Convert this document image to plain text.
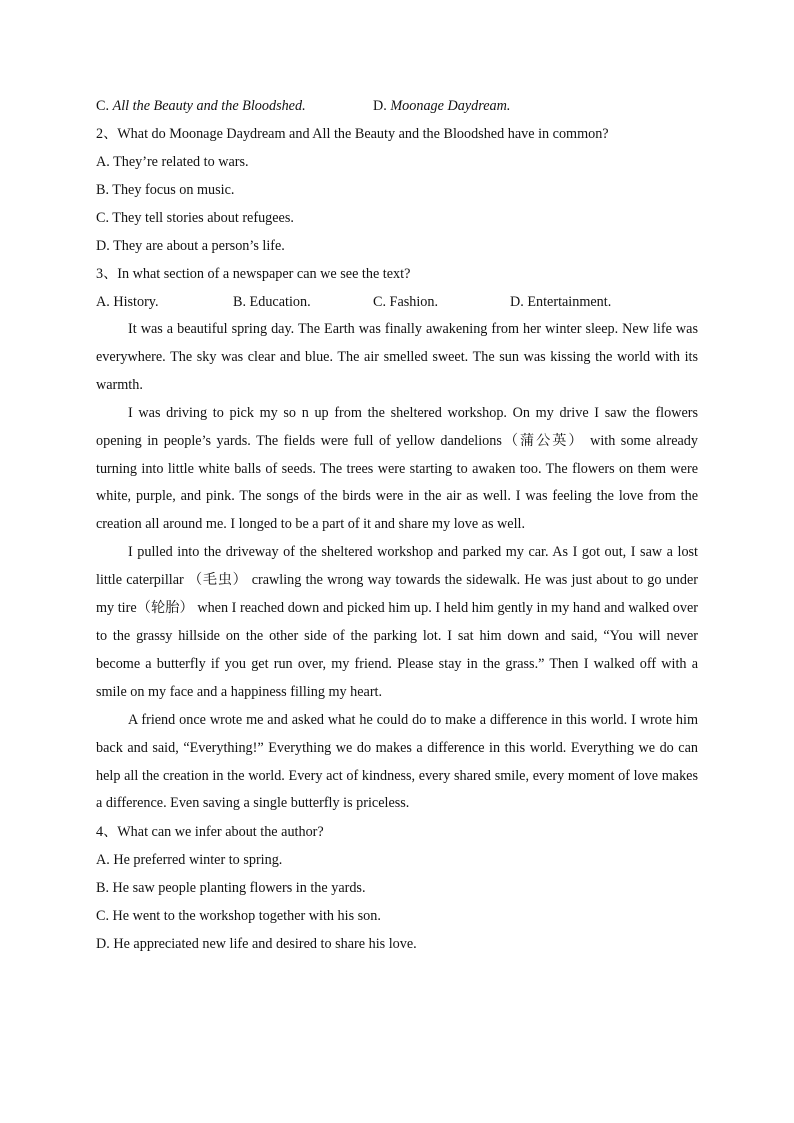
C. All the Beauty and the Bloodshed.	D. Moonage Daydream.
2、What do Moonage Daydream and All the Beauty and the Bloodshed have in common?
A. They’re related to wars.
B. They focus on music.
C. They tell stories about refugees.
D. They are about a person’s life.
3、In what section of a newspaper can we see the text?
A. History.	B. Education.	C. Fashion.	D. Entertainment.

It was a beautiful spring day. The Earth was finally awakening from her winter sleep. New life was everywhere. The sky was clear and blue. The air smelled sweet. The sun was kissing the world with its warmth.

I was driving to pick my so n up from the sheltered workshop. On my drive I saw the flowers opening in people’s yards. The fields were full of yellow dandelions（蒲公英） with some already turning into little white balls of seeds. The trees were starting to awaken too. The flowers on them were white, purple, and pink. The songs of the birds were in the air as well. I was feeling the love from the creation all around me. I longed to be a part of it and share my love as well.

I pulled into the driveway of the sheltered workshop and parked my car. As I got out, I saw a lost little caterpillar （毛虫） crawling the wrong way towards the sidewalk. He was just about to go under my tire（轮胎） when I reached down and picked him up. I held him gently in my hand and walked over to the grassy hillside on the other side of the parking lot. I sat him down and said, “You will never become a butterfly if you get run over, my friend. Please stay in the grass.” Then I walked off with a smile on my face and a happiness filling my heart.

A friend once wrote me and asked what he could do to make a difference in this world. I wrote him back and said, “Everything!” Everything we do makes a difference in this world. Everything we do can help all the creation in the world. Every act of kindness, every shared smile, every moment of love makes a difference. Even saving a single butterfly is priceless.

4、What can we infer about the author?
A. He preferred winter to spring.
B. He saw people planting flowers in the yards.
C. He went to the workshop together with his son.
D. He appreciated new life and desired to share his love.
